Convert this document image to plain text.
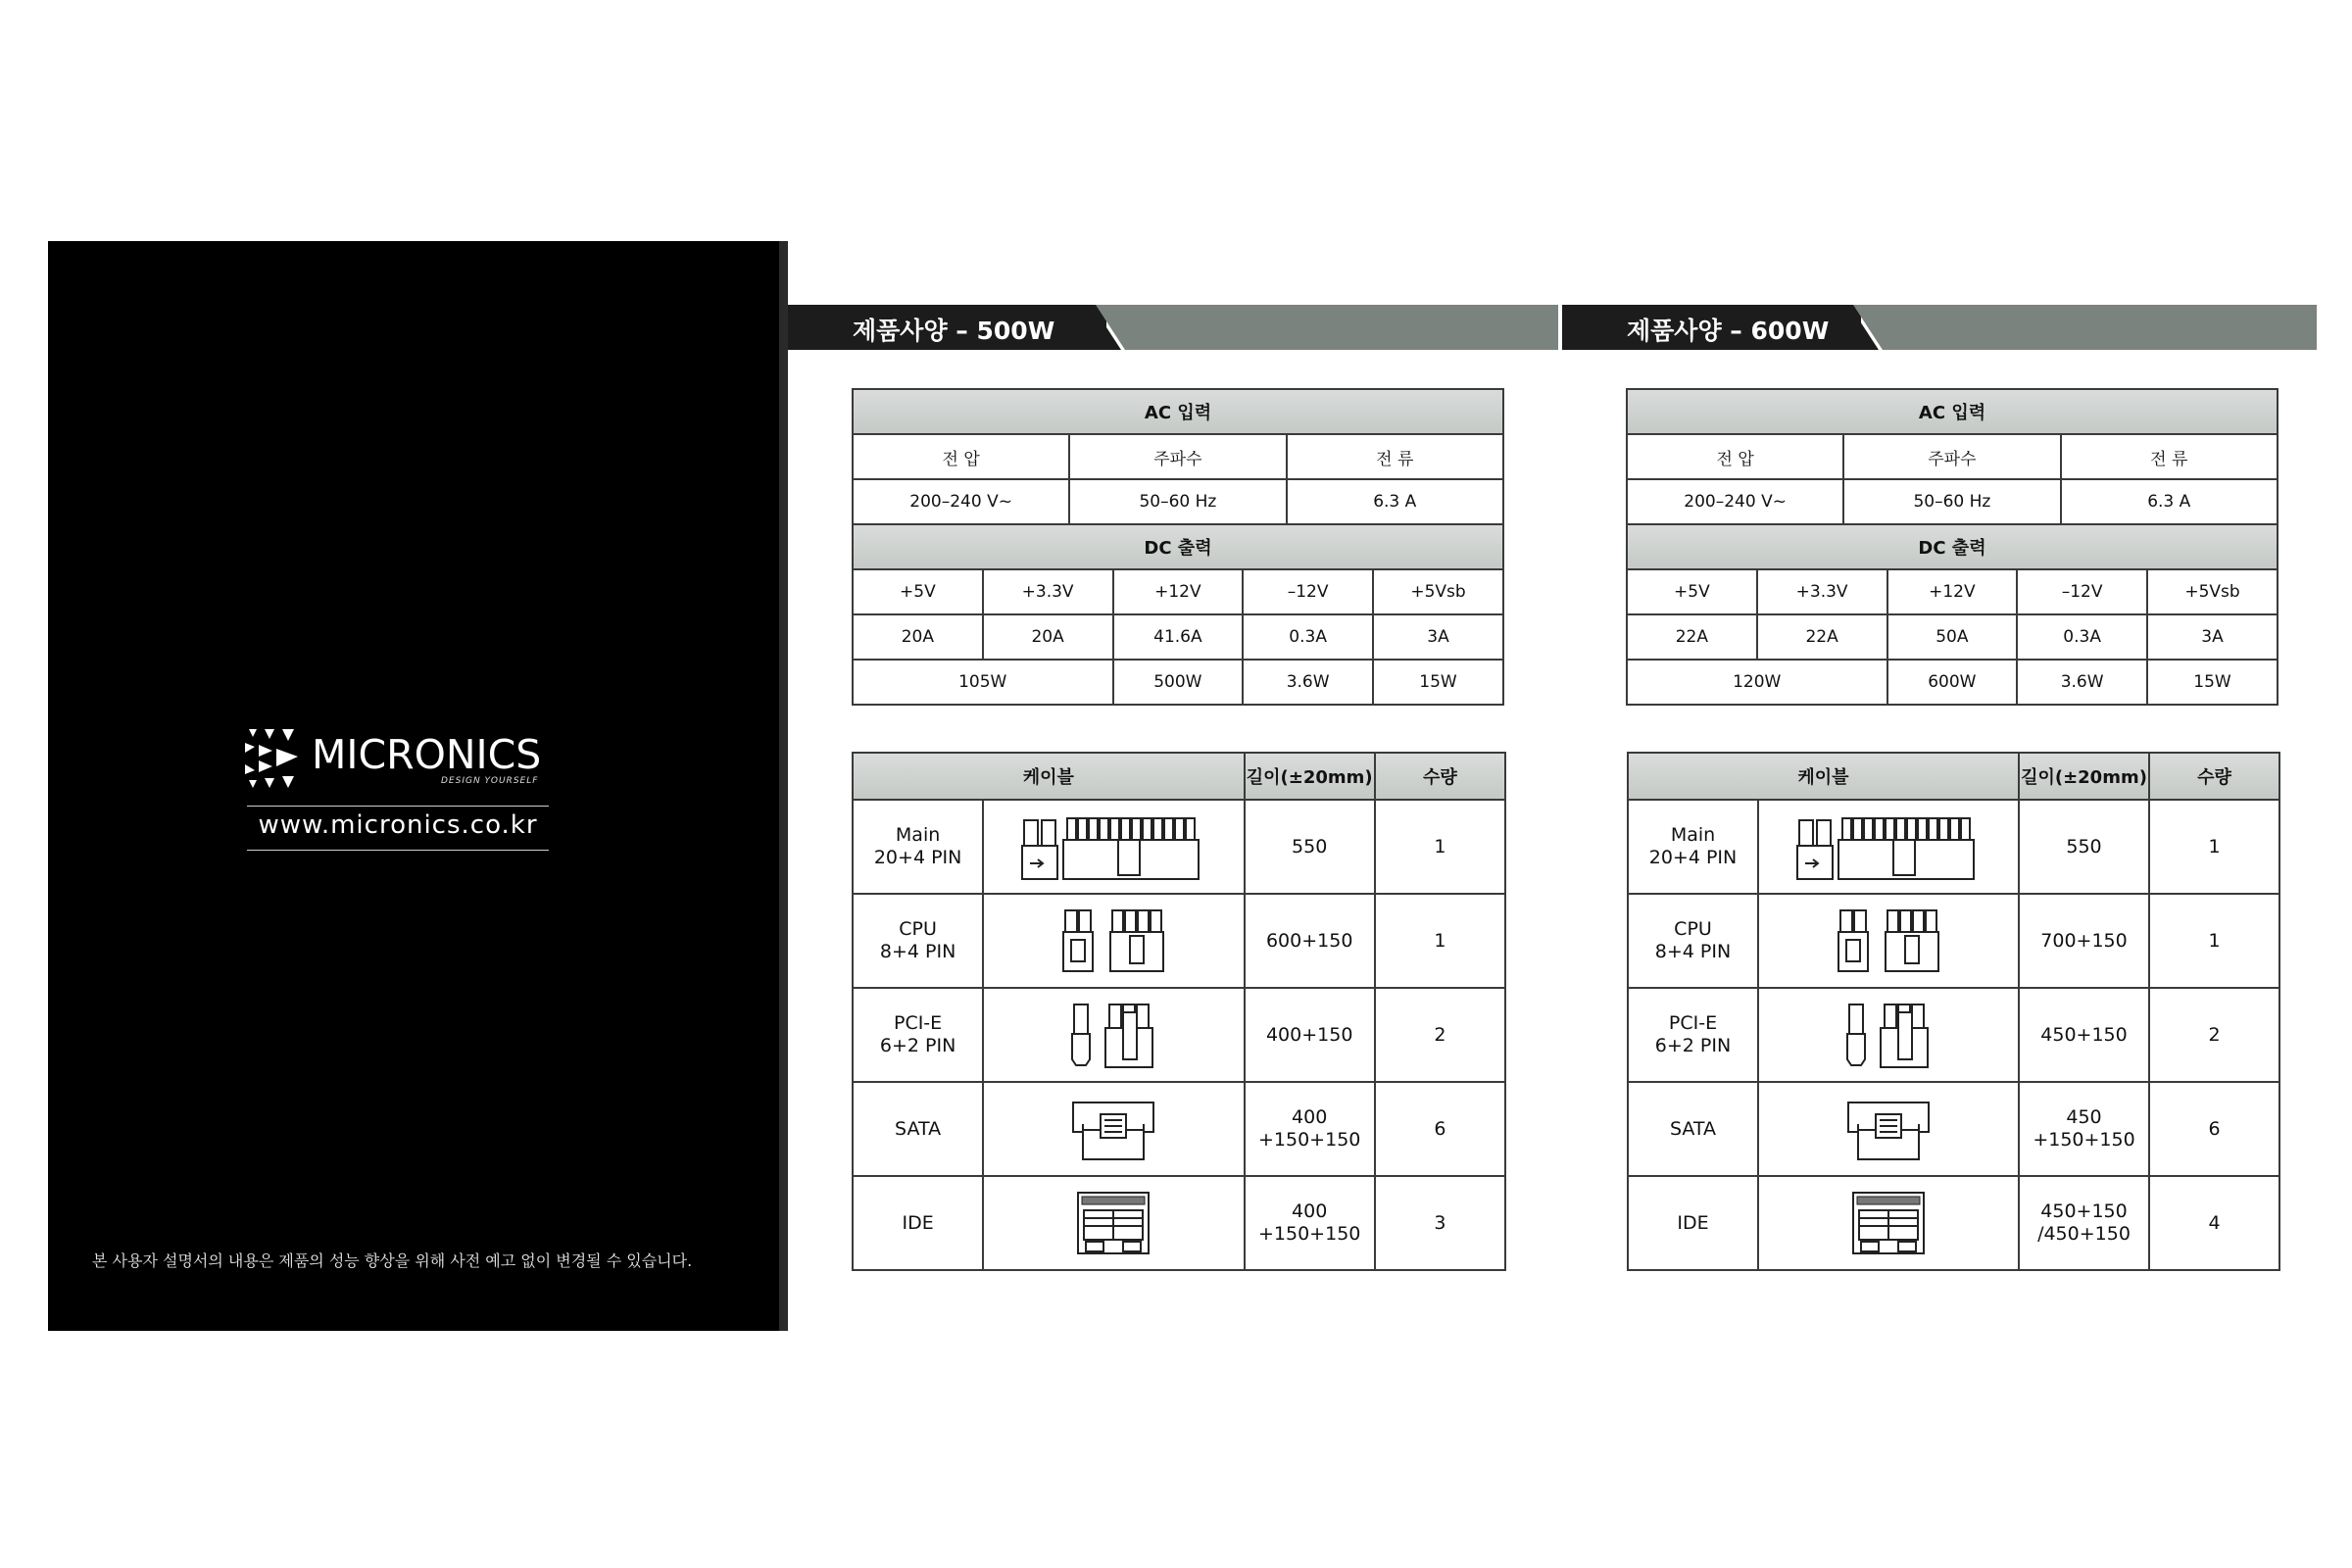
MICRONICS
DESIGN YOURSELF
www.micronics.co.kr
본 사용자 설명서의 내용은 제품의 성능 향상을 위해 사전 예고 없이 변경될 수 있습니다.
제품사양 – 500W	제품사양 – 600W
AC 입력						
전 압		주파수			전 류	
200–240 V~		50–60 Hz			6.3 A	
DC 출력						
+5V	+3.3V		+12V	–12V		+5Vsb
20A	20A		41.6A	0.3A		3A
105W			500W	3.6W		15W
AC 입력						
전 압		주파수			전 류	
200–240 V~		50–60 Hz			6.3 A	
DC 출력						
+5V	+3.3V		+12V	–12V		+5Vsb
22A	22A		50A	0.3A		3A
120W			600W	3.6W		15W
케이블		길이(±20mm)	수량

Main
20+4 PIN		550	1

CPU
8+4 PIN		600+150	1

PCI-E
6+2 PIN		400+150	2

SATA		400
+150+150	6

IDE		400
+150+150	3
케이블		길이(±20mm)	수량

Main
20+4 PIN		550	1

CPU
8+4 PIN		700+150	1

PCI-E
6+2 PIN		450+150	2

SATA		450
+150+150	6

IDE		450+150
/450+150	4
